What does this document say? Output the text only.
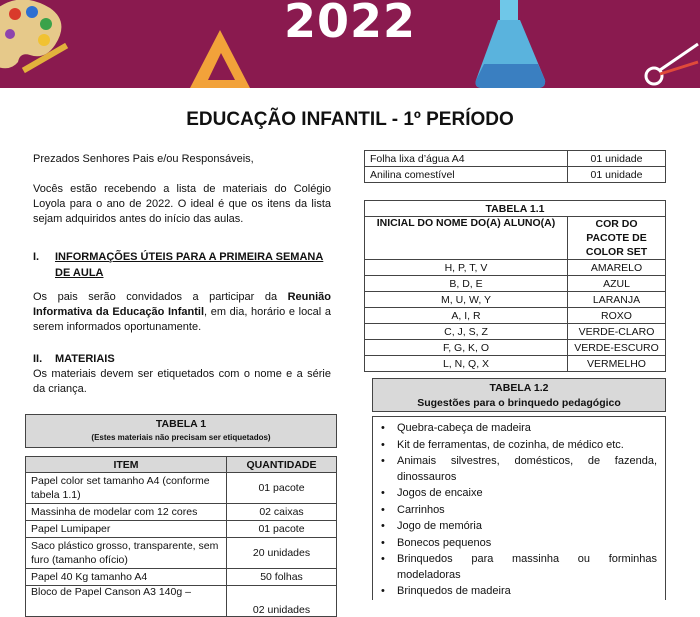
2022
EDUCAÇÃO INFANTIL - 1º PERÍODO
Prezados Senhores Pais e/ou Responsáveis,
Vocês estão recebendo a lista de materiais do Colégio Loyola para o ano de 2022. O ideal é que os itens da lista sejam adquiridos antes do início das aulas.
I. INFORMAÇÕES ÚTEIS PARA A PRIMEIRA SEMANA DE AULA
Os pais serão convidados a participar da Reunião Informativa da Educação Infantil, em dia, horário e local a serem informados oportunamente.
II. MATERIAIS
Os materiais devem ser etiquetados com o nome e a série da criança.
TABELA 1
(Estes materiais não precisam ser etiquetados)	

ITEM	QUANTIDADE
Papel color set tamanho A4 (conforme tabela 1.1)	01 pacote
Massinha de modelar com 12 cores	02 caixas
Papel Lumipaper	01 pacote
Saco plástico grosso, transparente, sem furo (tamanho ofício)	20 unidades
Papel 40 Kg tamanho A4	50 folhas
Bloco de Papel Canson A3 140g –	02 unidades
Folha lixa d’água A4	01 unidade
Anilina comestível	01 unidade
TABELA 1.1	
INICIAL DO NOME DO(A) ALUNO(A)	COR DO PACOTE DE COLOR SET
H, P, T, V	AMARELO
B, D, E	AZUL
M, U, W, Y	LARANJA
A, I, R	ROXO
C, J, S, Z	VERDE-CLARO
F, G, K, O	VERDE-ESCURO
L, N, Q, X	VERMELHO
TABELA 1.2
Sugestões para o brinquedo pedagógico
• Quebra-cabeça de madeira
• Kit de ferramentas, de cozinha, de médico etc.
• Animais silvestres, domésticos, de fazenda, dinossauros
• Jogos de encaixe
• Carrinhos
• Jogo de memória
• Bonecos pequenos
• Brinquedos para massinha ou forminhas modeladoras
• Brinquedos de madeira
